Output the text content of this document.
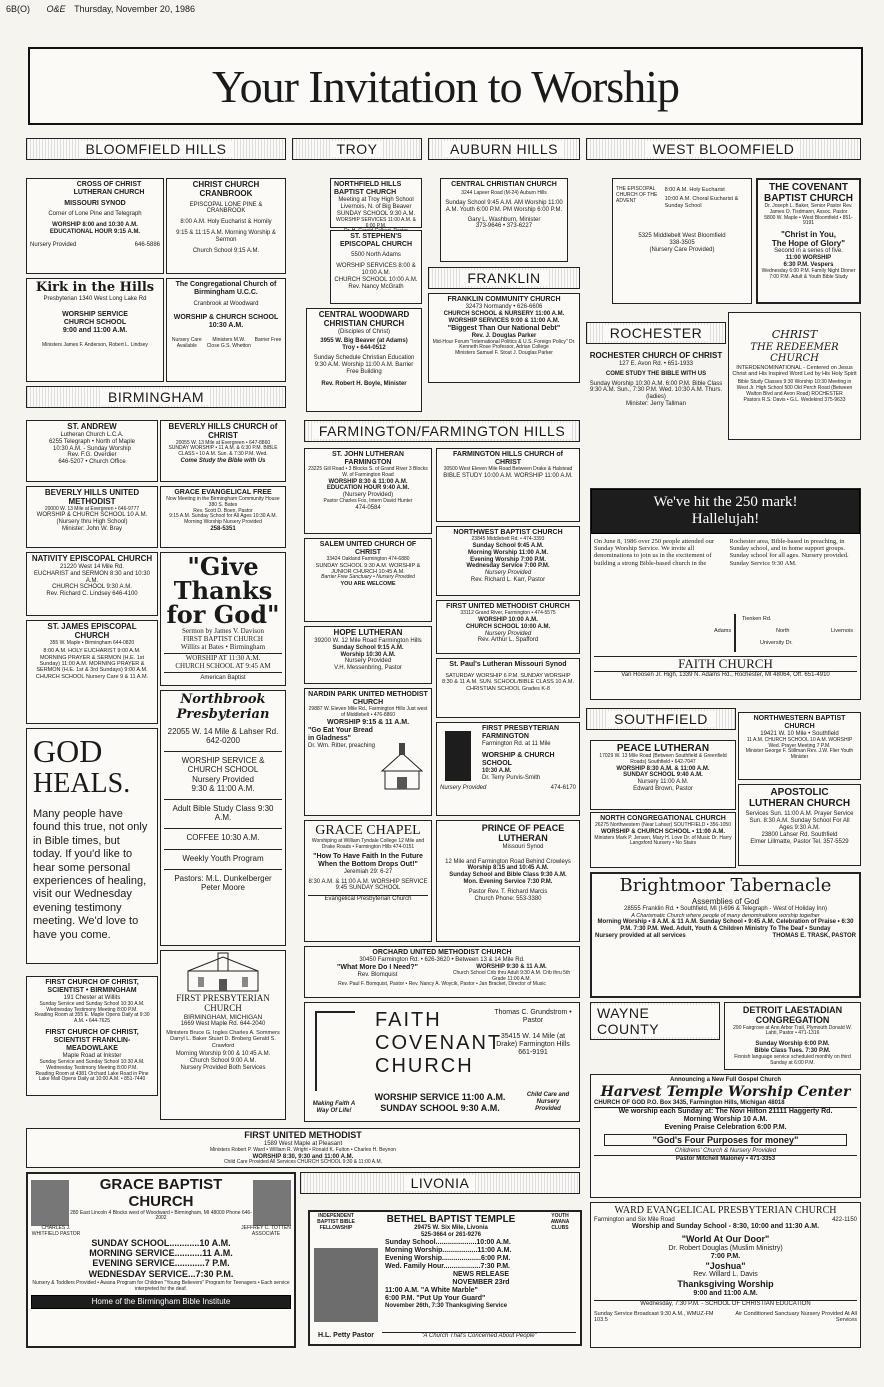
6B(O) O&E Thursday, November 20, 1986
Your Invitation to Worship
BLOOMFIELD HILLS	TROY	AUBURN HILLS	WEST BLOOMFIELD
FRANKLIN
ROCHESTER
BIRMINGHAM
FARMINGTON/FARMINGTON HILLS
SOUTHFIELD
WAYNE COUNTY
LIVONIA
CROSS OF CHRIST LUTHERAN CHURCH
MISSOURI SYNOD
Corner of Lone Pine and Telegraph
WORSHIP 8:00 and 10:30 A.M. EDUCATIONAL HOUR 9:15 A.M.
Nursery Provided	646-5886
CHRIST CHURCH CRANBROOK
EPISCOPAL LONE PINE & CRANBROOK
8:00 A.M. Holy Eucharist & Homily
9:15 & 11:15 A.M. Morning Worship & Sermon
Church School 9:15 A.M.
Kirk in the Hills
Presbyterian 1340 West Long Lake Rd
WORSHIP SERVICE
CHURCH SCHOOL
9:00 and 11:00 A.M.
Ministers James F. Anderson, Robert L. Lindsey
The Congregational Church of Birmingham U.C.C.
Cranbrook at Woodward
WORSHIP & CHURCH SCHOOL
10:30 A.M.
Nursery Care Available
Ministers M.W. Close G.S. Whetton
Barrier Free
NORTHFIELD HILLS BAPTIST CHURCH
Meeting at Troy High School
Livernois, N. of Big Beaver
SUNDAY SCHOOL 9:30 A.M.
WORSHIP SERVICES 11:00 A.M. & 6:00 P.M.
ST. STEPHEN'S EPISCOPAL CHURCH
5500 North Adams
WORSHIP SERVICES 8:00 & 10:00 A.M.
CHURCH SCHOOL 10:00 A.M.
Rev. Nancy McGrath
CENTRAL WOODWARD CHRISTIAN CHURCH
(Disciples of Christ)
3955 W. Big Beaver (at Adams)
Troy • 644-0512
Sunday Schedule Christian Education 9:30 A.M. Worship 11:00 A.M. Barrier Free Building
Rev. Robert H. Boyle, Minister
CENTRAL CHRISTIAN CHURCH
3244 Lapeer Road (M-24) Auburn Hills
Sunday School 9:45 A.M. AM Worship 11:00 A.M. Youth 6:00 P.M. PM Worship 6:00 P.M.
Gary L. Washburn, Minister
373-9646 • 373-6227
FRANKLIN COMMUNITY CHURCH
32473 Normandy • 626-6606
CHURCH SCHOOL & NURSERY 11:00 A.M.
WORSHIP SERVICES 9:00 & 11:00 A.M.
"Biggest Than Our National Debt"
Rev. J. Douglas Parker
Mid-Hour Forum "International Politics & U.S. Foreign Policy" Dr. Kenneth Rose Professor, Adrian College
Ministers Samuel F. Stout J. Douglas Parker
THE EPISCOPAL CHURCH OF THE ADVENT
8:00 A.M. Holy Eucharist
10:00 A.M. Choral Eucharist & Sunday School
5325 Middlebelt West Bloomfield
338-3505
(Nursery Care Provided)
THE COVENANT BAPTIST CHURCH
Dr. Joseph L. Baker, Senior Pastor Rev. James O. Tisdmann, Assoc. Pastor
5800 W. Maple • West Bloomfield • 851-9191
"Christ in You,
The Hope of Glory"
Second in a series of five.
11:00 WORSHIP
6:30 P.M. Vespers
Wednesday 6:00 P.M. Family Night Dinner 7:00 P.M. Adult & Youth Bible Study
ROCHESTER CHURCH OF CHRIST
127 E. Avon Rd. • 651-1933
COME STUDY THE BIBLE WITH US
Sunday Worship 10:30 A.M. 6:00 P.M. Bible Class 9:30 A.M. Sun., 7:30 P.M. Wed. 10:30 A.M. Thurs. (ladies)
Minister: Jerry Tallman
CHRIST
THE REDEEMER
CHURCH
INTERDENOMINATIONAL - Centered on Jesus Christ and His Inspired Word Led by His Holy Spirit
Bible Study Classes 9:30 Worship 10:30 Meeting in West Jr. High School 500 Old Perch Road (Between Walton Blvd and Avon Road) ROCHESTER
Pastors R.S. Davis • G.L. Wedekind 375-9633
ST. ANDREW
Lutheran Church L.C.A.
6255 Telegraph • North of Maple
10:30 A.M. - Sunday Worship
Rev. F.G. Overdier
646-5207 • Church Office
BEVERLY HILLS CHURCH of CHRIST
20055 W. 13 Mile at Evergreen • 647-8860
SUNDAY WORSHIP • 11 A.M. & 6:30 P.M. BIBLE CLASS • 10 A.M. Sun. & 7:30 P.M. Wed.
Come Study the Bible with Us
BEVERLY HILLS UNITED METHODIST
20000 W. 13 Mile at Evergreen • 646-9777
WORSHIP & CHURCH SCHOOL 10 A.M.
(Nursery thru High School)
Minister: John W. Bray
GRACE EVANGELICAL FREE
Now Meeting in the Birmingham Community House 380 S. Bates
Rev. Scott D. Boen, Pastor
9:15 A.M. Sunday School for All Ages 10:30 A.M. Morning Worship Nursery Provided
258-5351
NATIVITY EPISCOPAL CHURCH
21220 West 14 Mile Rd.
EUCHARIST and SERMON 8:30 and 10:30 A.M.
CHURCH SCHOOL 9:30 A.M.
Rev. Richard C. Lindsey 646-4100
"Give
Thanks
for God"
Sermon by James V. Davison
FIRST BAPTIST CHURCH
Willits at Bates • Birmingham
WORSHIP AT 11:30 A.M.
CHURCH SCHOOL AT 9:45 AM
American Baptist
ST. JAMES EPISCOPAL CHURCH
355 W. Maple • Birmingham 644-0820
8:00 A.M. HOLY EUCHARIST 9:00 A.M. MORNING PRAYER & SERMON (H.E. 1st Sunday) 11:00 A.M. MORNING PRAYER & SERMON (H.E. 1st & 3rd Sundays) 9:00 A.M. CHURCH SCHOOL Nursery Care 9 & 11 A.M.
GOD
HEALS.
Many people have found this true, not only in Bible times, but today. If you'd like to hear some personal experiences of healing, visit our Wednesday evening testimony meeting. We'd love to have you come.
Northbrook
Presbyterian
22055 W. 14 Mile & Lahser Rd.
642-0200
WORSHIP SERVICE & CHURCH SCHOOL
Nursery Provided
9:30 & 11:00 A.M.
Adult Bible Study Class 9:30 A.M.
COFFEE 10:30 A.M.
Weekly Youth Program
Pastors: M.L. Dunkelberger Peter Moore
FIRST CHURCH OF CHRIST, SCIENTIST • BIRMINGHAM
191 Chester at Willits
Sunday Service and Sunday School 10:30 A.M. Wednesday Testimony Meeting 8:00 P.M.
Reading Room at 355 E. Maple Opens Daily at 9:30 A.M. • 644-7625
FIRST CHURCH OF CHRIST, SCIENTIST FRANKLIN-MEADOWLAKE
Maple Road at Inkster
Sunday Service and Sunday School 10:30 A.M. Wednesday Testimony Meeting 8:00 P.M.
Reading Room at 4381 Orchard Lake Road in Pine Lake Mall Opens Daily at 10:00 A.M. • 851-7440
FIRST PRESBYTERIAN
CHURCH
BIRMINGHAM, MICHIGAN
1669 West Maple Rd. 644-2040
Ministers Bruce G. Ingles Charles A. Sommers Darryl L. Baker Stuart D. Broberg Gerald S. Crawford
Morning Worship 9:00 & 10:45 A.M.
Church School 9:00 A.M.
Nursery Provided Both Services
FIRST UNITED METHODIST
1589 West Maple at Pleasant
Ministers Robert P. Ward • William R. Wright • Ronald K. Fulton • Charles H. Beynon
WORSHIP 8:30, 9:30 and 11:00 A.M.
Child Care Provided All Services CHURCH SCHOOL 9:30 & 11:00 A.M.
GRACE BAPTIST
CHURCH
280 East Lincoln 4 Blocks west of Woodward • Birmingham, MI 48009 Phone 646-2002
CHARLES J. WHITFIELD PASTOR
JEFFREY C. TOTTEN ASSOCIATE
SUNDAY SCHOOL............10 A.M.
MORNING SERVICE...........11 A.M.
EVENING SERVICE............7 P.M.
WEDNESDAY SERVICE...7:30 P.M.
Nursery & Toddlers Provided • Awana Program for Children "Young Believers" Program for Teenagers • Each service interpreted for the deaf.
Home of the Birmingham Bible Institute
ST. JOHN LUTHERAN FARMINGTON
23225 Gill Road • 3 Blocks S. of Grand River 3 Blocks W. of Farmington Road
WORSHIP 8:30 & 11:00 A.M.
EDUCATION HOUR 9:40 A.M.
(Nursery Provided)
Pastor Charles Fox, Intern David Hunter
474-0584
FARMINGTON HILLS CHURCH of CHRIST
30500 West Eleven Mile Road Between Drake & Halstead
BIBLE STUDY 10:00 A.M. WORSHIP 11:00 A.M.
SALEM UNITED CHURCH OF CHRIST
33424 Oakland Farmington 474-6880
SUNDAY SCHOOL 9:30 A.M. WORSHIP & JUNIOR CHURCH 10:45 A.M.
Barrier Free Sanctuary • Nursery Provided
YOU ARE WELCOME
NORTHWEST BAPTIST CHURCH
23845 Middlebelt Rd. • 474-3393
Sunday School 9:45 A.M.
Morning Worship 11:00 A.M.
Evening Worship 7:00 P.M.
Wednesday Service 7:00 P.M.
Nursery Provided
Rev. Richard L. Karr, Pastor
HOPE LUTHERAN
39200 W. 12 Mile Road Farmington Hills
Sunday School 9:15 A.M.
Worship 10:30 A.M.
Nursery Provided
V.H. Messenbring, Pastor
FIRST UNITED METHODIST CHURCH
33112 Grand River, Farmington • 474-5575
WORSHIP 10:00 A.M.
CHURCH SCHOOL 10:00 A.M.
Nursery Provided
Rev. Arthur L. Spafford
St. Paul's Lutheran Missouri Synod
SATURDAY WORSHIP 6 P.M. SUNDAY WORSHIP 8:30 & 11 A.M. SUN. SCHOOL/BIBLE CLASS 10 A.M. CHRISTIAN SCHOOL Grades K-8
NARDIN PARK UNITED METHODIST CHURCH
29887 W. Eleven Mile Rd., Farmington Hills Just west of Middlebelt • 476-8860
WORSHIP 9:15 & 11 A.M.
"Go Eat Your Bread in Gladness"
Dr. Wm. Ritter, preaching
FIRST PRESBYTERIAN FARMINGTON
Farmington Rd. at 11 Mile
WORSHIP & CHURCH SCHOOL
10:30 A.M.
Dr. Terry Purvis-Smith
Nursery Provided	474-6170
GRACE CHAPEL
Worshiping at William Tyndale College 12 Mile and Drake Roads • Farmington Hills 474-0151
"How To Have Faith In the Future When the Bottom Drops Out!"
Jeremiah 29: 6-27
8:30 A.M. & 11:00 A.M. WORSHIP SERVICE 9:45 SUNDAY SCHOOL
Evangelical Presbyterian Church
PRINCE OF PEACE LUTHERAN
Missouri Synod
12 Mile and Farmington Road Behind Crowleys
Worship 8:15 and 10:45 A.M.
Sunday School and Bible Class 9:30 A.M.
Mon. Evening Service 7:30 P.M.
Pastor Rev. T. Richard Marcis
Church Phone: 553-3380
ORCHARD UNITED METHODIST CHURCH
30450 Farmington Rd. • 626-3620 • Between 13 & 14 Mile Rd.
"What More Do I Need?"
Rev. Blomquist
WORSHIP 9:30 & 11 A.M.
Church School Crib thru Adult 9:30 A.M. Crib thru 5th Grade 11:00 A.M.
Rev. Paul F. Bomquist, Pastor • Rev. Nancy A. Woycik, Pastor • Jan Bracket, Director of Music
FAITH
COVENANT
CHURCH
Thomas C. Grundstrom • Pastor
35415 W. 14 Mile (at Drake) Farmington Hills
661-9191
Making Faith A Way Of Life!
WORSHIP SERVICE 11:00 A.M.
SUNDAY SCHOOL 9:30 A.M.
Child Care and Nursery Provided
We've hit the 250 mark!
Hallelujah!
On June 8, 1986 over 250 people attended our Sunday Worship Service. We invite all denominations to join us in the excitement of building a strong Bible-based church in the Rochester area, Bible-based in preaching, in Sunday school, and in home support groups. Sunday school for all ages. Nursery provided. Sunday Service 9:30 AM.
Tienken Rd.
North
University Dr.
Adams	Livernois
FAITH CHURCH
Van Hoosen Jr. High, 1339 N. Adams Rd., Rochester, MI 48064, Off. 651-4910
NORTHWESTERN BAPTIST CHURCH
19421 W. 10 Mile • Southfield
11 A.M. CHURCH SCHOOL 10 A.M. WORSHIP Wed. Prayer Meeting 7 P.M.
Minister George F. Stillman Rev. J.W. Flier Youth Minister
PEACE LUTHERAN
17029 W. 13 Mile Road (Between Southfield & Greenfield Roads) Southfield • 642-7047
WORSHIP 8:30 A.M. & 11:00 A.M.
SUNDAY SCHOOL 9:40 A.M.
Nursery 11:00 A.M.
Edward Brown, Pastor	APOSTOLIC LUTHERAN CHURCH
Services Sun. 11:00 A.M. Prayer Service Sun. 8:30 A.M. Sunday School For All Ages 9:30 A.M.
23800 Lahser Rd. Southfield
Elmer Lillmatte, Pastor Tel. 357-5529
NORTH CONGREGATIONAL CHURCH
26275 Northwestern (Near Lahser) SOUTHFIELD • 356-1050
WORSHIP & CHURCH SCHOOL • 11:00 A.M.
Ministers Mark P. Jensen, Mary H. Love Dr. of Music Dr. Harry Langsford Nursery • No Stairs
Brightmoor Tabernacle
Assemblies of God
28555 Franklin Rd. • Southfield, MI (I-696 & Telegraph - West of Holiday Inn)
A Charismatic Church where people of many denominations worship together
Morning Worship • 8 A.M. & 11 A.M. Sunday School • 9:45 A.M. Celebration of Praise • 6:30 P.M. 7:30 P.M. Wed. Adult, Youth & Children Ministry To The Deaf • Sunday
Nursery provided at all services	THOMAS E. TRASK, PASTOR
DETROIT LAESTADIAN CONGREGATION
290 Fairgrove at Ann Arbor Trail, Plymouth Donald W. Lahti, Pastor • 471-1316
Sunday Worship 6:00 P.M.
Bible Class Tues. 7:30 P.M.
Finnish language service scheduled monthly on third Sunday at 6:00 P.M.
Announcing a New Full Gospel Church
Harvest Temple Worship Center
CHURCH OF GOD P.O. Box 3435, Farmington Hills, Michigan 48018
We worship each Sunday at: The Novi Hilton 21111 Haggerty Rd.
Morning Worship 10 A.M.
Evening Praise Celebration 6:00 P.M.
"God's Four Purposes for money"
Childrens' Church & Nursery Provided
Pastor Mitchell Maloney • 471-3353
INDEPENDENT BAPTIST BIBLE FELLOWSHIP
BETHEL BAPTIST TEMPLE
29475 W. Six Mile, Livonia
525-3664 or 261-9276
YOUTH AWANA CLUBS
Sunday School.....................10:00 A.M.
Morning Worship..................11:00 A.M.
Evening Worship....................6:00 P.M.
Wed. Family Hour...................7:30 P.M.
NEWS RELEASE
NOVEMBER 23rd
11:00 A.M. "A White Marble"
6:00 P.M. "Put Up Your Guard"
November 26th, 7:30 Thanksgiving Service
H.L. Petty Pastor	"A Church That's Concerned About People"
WARD EVANGELICAL PRESBYTERIAN CHURCH
Farmington and Six Mile Road	422-1150
Worship and Sunday School - 8:30, 10:00 and 11:30 A.M.
"World At Our Door"
Dr. Robert Douglas (Muslim Ministry)
7:00 P.M.
"Joshua"
Rev. Willard L. Davis
Thanksgiving Worship
9:00 and 11:00 A.M.
Wednesday, 7:30 P.M. - SCHOOL OF CHRISTIAN EDUCATION
Sunday Service Broadcast 9:30 A.M., WMUZ-FM 103.5
Air Conditioned Sanctuary Nursery Provided At All Services
